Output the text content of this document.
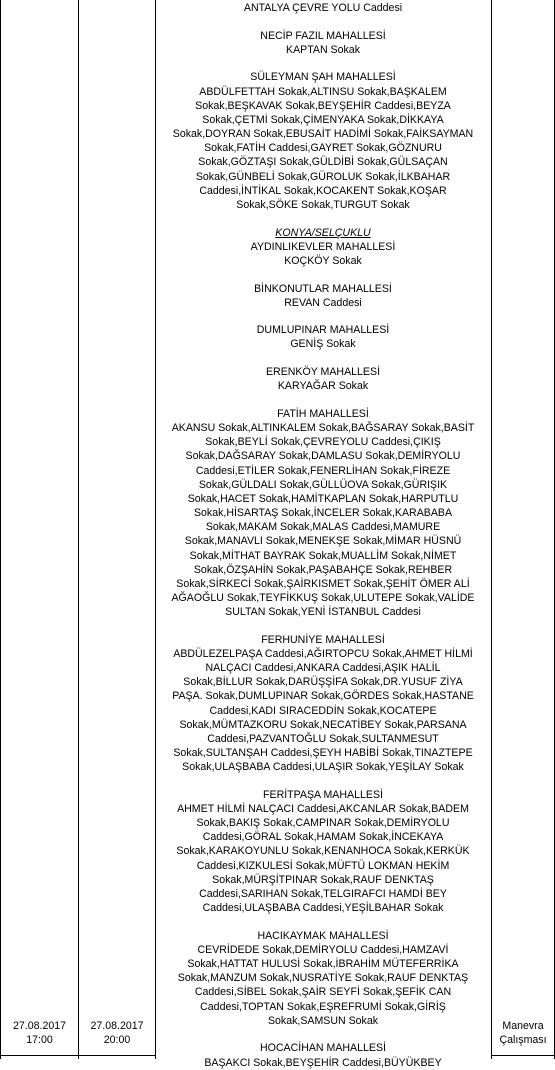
ANTALYA ÇEVRE YOLU Caddesi
NECİP FAZIL MAHALLESİ
KAPTAN Sokak
SÜLEYMAN ŞAH MAHALLESİ
ABDÜLFETTAH Sokak,ALTINSU Sokak,BAŞKALEM
Sokak,BEŞKAVAK Sokak,BEYŞEHİR Caddesi,BEYZA
Sokak,ÇETMİ Sokak,ÇİMENYAKA Sokak,DİKKAYA
Sokak,DOYRAN Sokak,EBUSAİT HADİMİ Sokak,FAİKSAYMAN
Sokak,FATİH Caddesi,GAYRET Sokak,GÖZNURU
Sokak,GÖZTAŞI Sokak,GÜLDİBİ Sokak,GÜLSAÇAN
Sokak,GÜNBELİ Sokak,GÜROLUK Sokak,İLKBAHAR
Caddesi,İNTİKAL Sokak,KOCAKENT Sokak,KOŞAR
Sokak,SÖKE Sokak,TURGUT Sokak
KONYA/SELÇUKLU
AYDINLIKEVLER MAHALLESİ
KOÇKÖY Sokak
BİNKONUTLAR MAHALLESİ
REVAN Caddesi
DUMLUPINAR MAHALLESİ
GENİŞ Sokak
ERENKÖY MAHALLESİ
KARYAĞAR Sokak
FATİH MAHALLESİ
AKANSU Sokak,ALTINKALEM Sokak,BAĞSARAY Sokak,BASİT
Sokak,BEYLİ Sokak,ÇEVREYOLU Caddesi,ÇIKIŞ
Sokak,DAĞSARAY Sokak,DAMLASU Sokak,DEMİRYOLU
Caddesi,ETİLER Sokak,FENERLİHAN Sokak,FİREZE
Sokak,GÜLDALI Sokak,GÜLLÜOVA Sokak,GÜRIŞIK
Sokak,HACET Sokak,HAMİTKAPLAN Sokak,HARPUTLU
Sokak,HİSARTAŞ Sokak,İNCELER Sokak,KARABABA
Sokak,MAKAM Sokak,MALAS Caddesi,MAMURE
Sokak,MANAVLI Sokak,MENEKŞE Sokak,MİMAR HÜSNÜ
Sokak,MİTHAT BAYRAK Sokak,MUALLİM Sokak,NİMET
Sokak,ÖZŞAHİN Sokak,PAŞABAHÇE Sokak,REHBER
Sokak,SİRKECİ Sokak,ŞAİRKISMET Sokak,ŞEHİT ÖMER ALİ
AĞAOĞLU Sokak,TEYFİKKUŞ Sokak,ULUTEPE Sokak,VALİDE
SULTAN Sokak,YENİ İSTANBUL Caddesi
FERHUNİYE MAHALLESİ
ABDÜLEZELPAŞA Caddesi,AĞIRTOPCU Sokak,AHMET HİLMİ
NALÇACI Caddesi,ANKARA Caddesi,AŞIK HALİL
Sokak,BİLLUR Sokak,DARÜŞŞİFA Sokak,DR.YUSUF ZİYA
PAŞA. Sokak,DUMLUPINAR Sokak,GÖRDES Sokak,HASTANE
Caddesi,KADI SIRACEDDİN Sokak,KOCATEPE
Sokak,MÜMTAZKORU Sokak,NECATİBEY Sokak,PARSANA
Caddesi,PAZVANTOĞLU Sokak,SULTANMESUT
Sokak,SULTANŞAH Caddesi,ŞEYH HABİBİ Sokak,TINAZTEPE
Sokak,ULAŞBABA Caddesi,ULAŞIR Sokak,YEŞİLAY Sokak
FERİTPAŞA MAHALLESİ
AHMET HİLMİ NALÇACI Caddesi,AKCANLAR Sokak,BADEM
Sokak,BAKIŞ Sokak,CAMPINAR Sokak,DEMİRYOLU
Caddesi,GÖRAL Sokak,HAMAM Sokak,İNCEKAYA
Sokak,KARAKOYUNLU Sokak,KENANHOCA Sokak,KERKÜK
Caddesi,KIZKULESİ Sokak,MÜFTÜ LOKMAN HEKİM
Sokak,MÜRŞİTPINAR Sokak,RAUF DENKTAŞ
Caddesi,SARIHAN Sokak,TELGIRAFCI HAMDİ BEY
Caddesi,ULAŞBABA Caddesi,YEŞİLBAHAR Sokak
HACIKAYMAK MAHALLESİ
CEVRİDEDE Sokak,DEMİRYOLU Caddesi,HAMZAVİ
Sokak,HATTAT HULUSİ Sokak,İBRAHİM MÜTEFERRİKA
Sokak,MANZUM Sokak,NUSRATİYE Sokak,RAUF DENKTAŞ
Caddesi,SİBEL Sokak,ŞAİR SEYFİ Sokak,ŞEFİK CAN
Caddesi,TOPTAN Sokak,EŞREFRUMİ Sokak,GİRİŞ
Sokak,SAMSUN Sokak
HOCACİHAN MAHALLESİ
BAŞAKCI Sokak,BEYŞEHİR Caddesi,BÜYÜKBEY
27.08.2017
17:00
27.08.2017
20:00
Manevra
Çalışması
